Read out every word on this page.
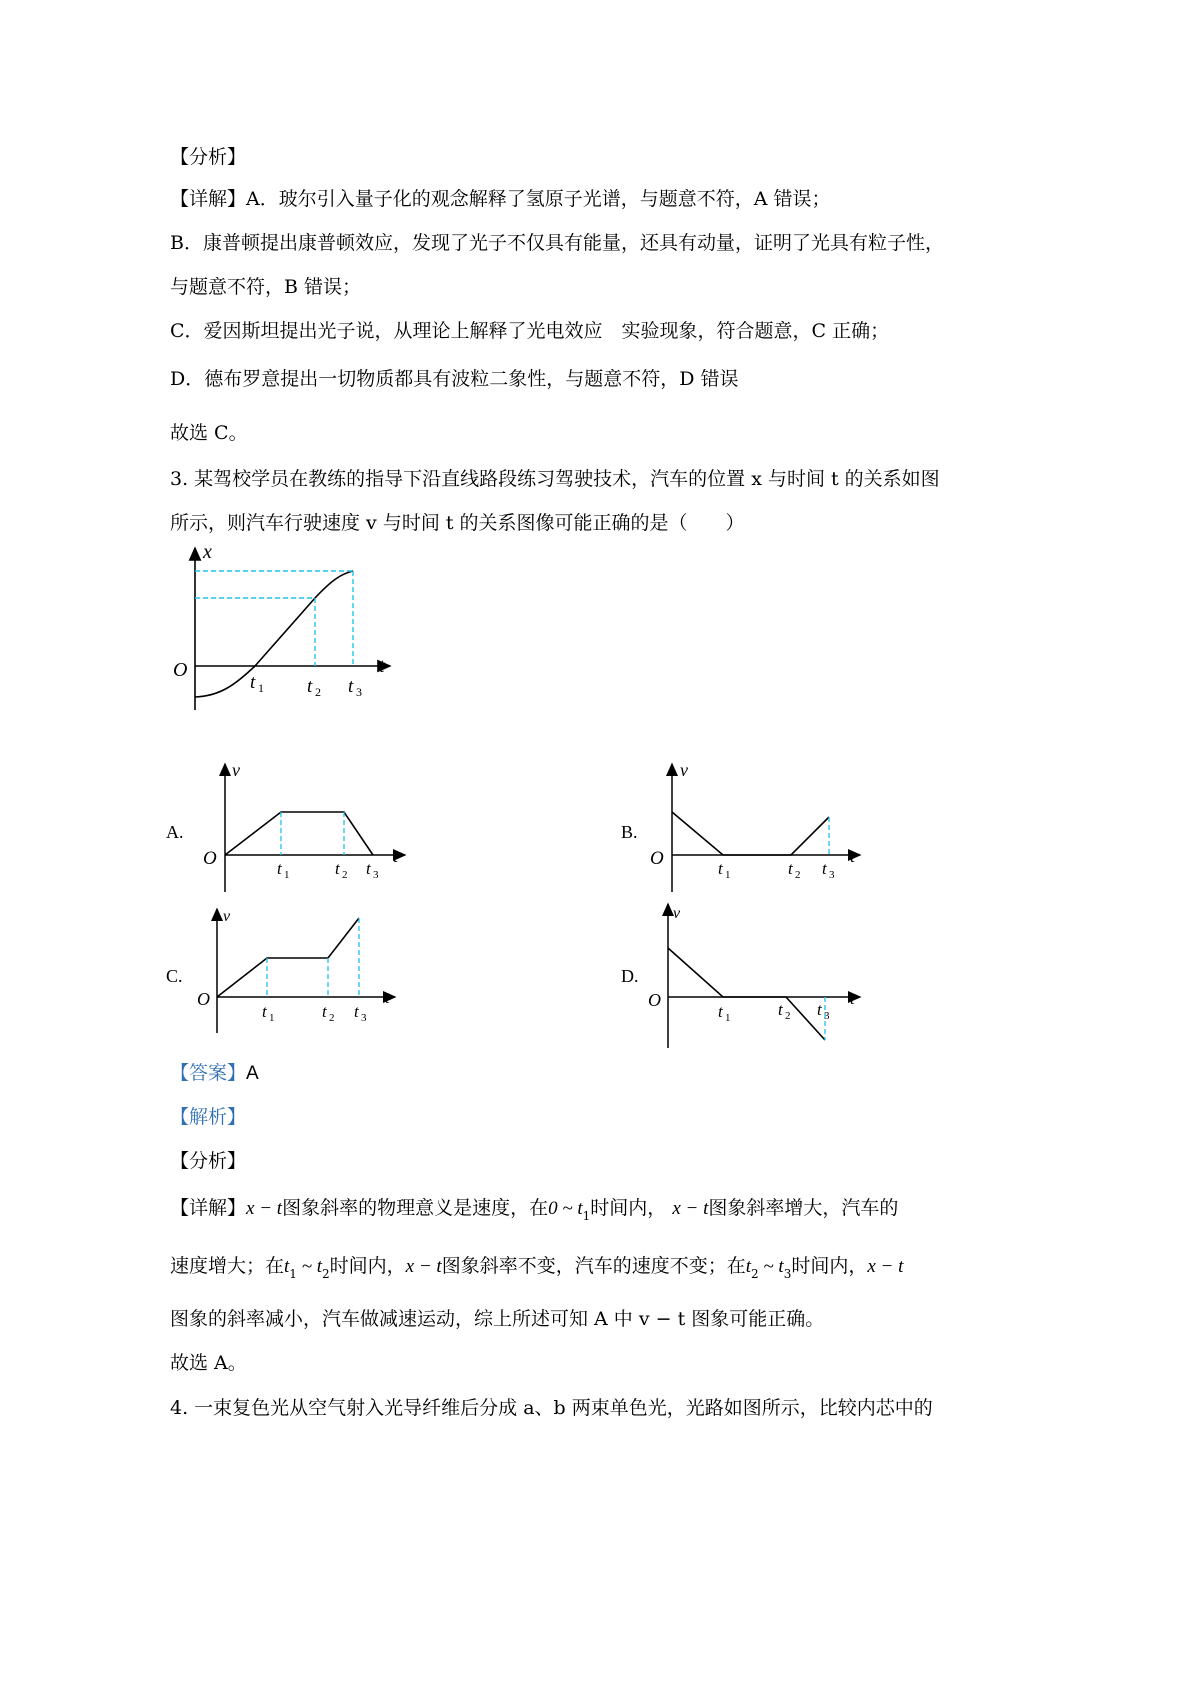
【分析】
【详解】A．玻尔引入量子化的观念解释了氢原子光谱，与题意不符，A 错误；
B．康普顿提出康普顿效应，发现了光子不仅具有能量，还具有动量，证明了光具有粒子性，
与题意不符，B 错误；
C．爱因斯坦提出光子说，从理论上解释了光电效应　实验现象，符合题意，C 正确；
D．德布罗意提出一切物质都具有波粒二象性，与题意不符，D 错误
故选 C。
3. 某驾校学员在教练的指导下沿直线路段练习驾驶技术，汽车的位置 x 与时间 t 的关系如图
所示，则汽车行驶速度 v 与时间 t 的关系图像可能正确的是（　　）
x
O	t
t 1 t 2 t 3
A.
v
O	t
t 1	t 2 t 3
B.
v
O	t
t 1	t 2 t 3
C.
v
O	t
t 1	t 2 t 3
D.
v
O	t
t 1	t 2 t 3
【答案】A
【解析】
【分析】
【详解】x − t图象斜率的物理意义是速度，在0 ~ $t_1$时间内， x − t图象斜率增大，汽车的
速度增大；在$t_1$ ~ $t_2$时间内，x − t图象斜率不变，汽车的速度不变；在$t_2$ ~ $t_3$时间内，x − t
图象的斜率减小，汽车做减速运动，综上所述可知 A 中 v − t 图象可能正确。
故选 A。
4. 一束复色光从空气射入光导纤维后分成 a、b 两束单色光，光路如图所示，比较内芯中的
